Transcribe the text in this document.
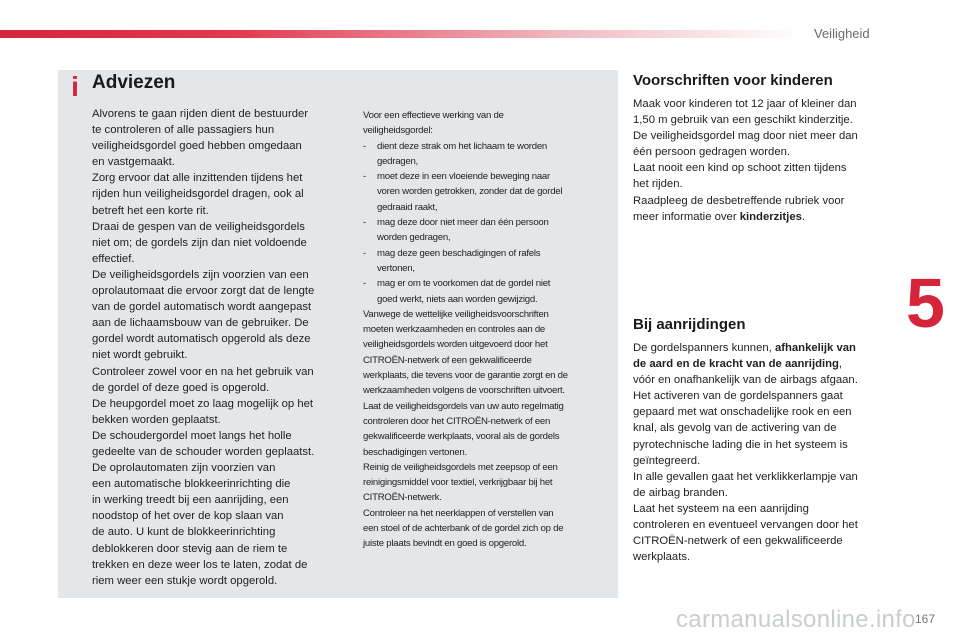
Veiligheid
5
i Adviezen
Alvorens te gaan rijden dient de bestuurder
te controleren of alle passagiers hun
veiligheidsgordel goed hebben omgedaan
en vastgemaakt.
Zorg ervoor dat alle inzittenden tijdens het
rijden hun veiligheidsgordel dragen, ook al
betreft het een korte rit.
Draai de gespen van de veiligheidsgordels
niet om; de gordels zijn dan niet voldoende
effectief.
De veiligheidsgordels zijn voorzien van een
oprolautomaat die ervoor zorgt dat de lengte
van de gordel automatisch wordt aangepast
aan de lichaamsbouw van de gebruiker. De
gordel wordt automatisch opgerold als deze
niet wordt gebruikt.
Controleer zowel voor en na het gebruik van
de gordel of deze goed is opgerold.
De heupgordel moet zo laag mogelijk op het
bekken worden geplaatst.
De schoudergordel moet langs het holle
gedeelte van de schouder worden geplaatst.
De oprolautomaten zijn voorzien van
een automatische blokkeerinrichting die
in werking treedt bij een aanrijding, een
noodstop of het over de kop slaan van
de auto. U kunt de blokkeerinrichting
deblokkeren door stevig aan de riem te
trekken en deze weer los te laten, zodat de
riem weer een stukje wordt opgerold.
Voor een effectieve werking van de
veiligheidsgordel:
-	dient deze strak om het lichaam te worden
gedragen,
-	moet deze in een vloeiende beweging naar
voren worden getrokken, zonder dat de gordel
gedraaid raakt,
-	mag deze door niet meer dan één persoon
worden gedragen,
-	mag deze geen beschadigingen of rafels
vertonen,
-	mag er om te voorkomen dat de gordel niet
goed werkt, niets aan worden gewijzigd.
Vanwege de wettelijke veiligheidsvoorschriften
moeten werkzaamheden en controles aan de
veiligheidsgordels worden uitgevoerd door het
CITROËN-netwerk of een gekwalificeerde
werkplaats, die tevens voor de garantie zorgt en de
werkzaamheden volgens de voorschriften uitvoert.
Laat de veiligheidsgordels van uw auto regelmatig
controleren door het CITROËN-netwerk of een
gekwalificeerde werkplaats, vooral als de gordels
beschadigingen vertonen.
Reinig de veiligheidsgordels met zeepsop of een
reinigingsmiddel voor textiel, verkrijgbaar bij het
CITROËN-netwerk.
Controleer na het neerklappen of verstellen van
een stoel of de achterbank of de gordel zich op de
juiste plaats bevindt en goed is opgerold.
Voorschriften voor kinderen
Maak voor kinderen tot 12 jaar of kleiner dan
1,50 m gebruik van een geschikt kinderzitje.
De veiligheidsgordel mag door niet meer dan
één persoon gedragen worden.
Laat nooit een kind op schoot zitten tijdens
het rijden.
Raadpleeg de desbetreffende rubriek voor
meer informatie over kinderzitjes.
Bij aanrijdingen
De gordelspanners kunnen, afhankelijk van
de aard en de kracht van de aanrijding,
vóór en onafhankelijk van de airbags afgaan.
Het activeren van de gordelspanners gaat
gepaard met wat onschadelijke rook en een
knal, als gevolg van de activering van de
pyrotechnische lading die in het systeem is
geïntegreerd.
In alle gevallen gaat het verklikkerlampje van
de airbag branden.
Laat het systeem na een aanrijding
controleren en eventueel vervangen door het
CITROËN-netwerk of een gekwalificeerde
werkplaats.
carmanualsonline.info 167
